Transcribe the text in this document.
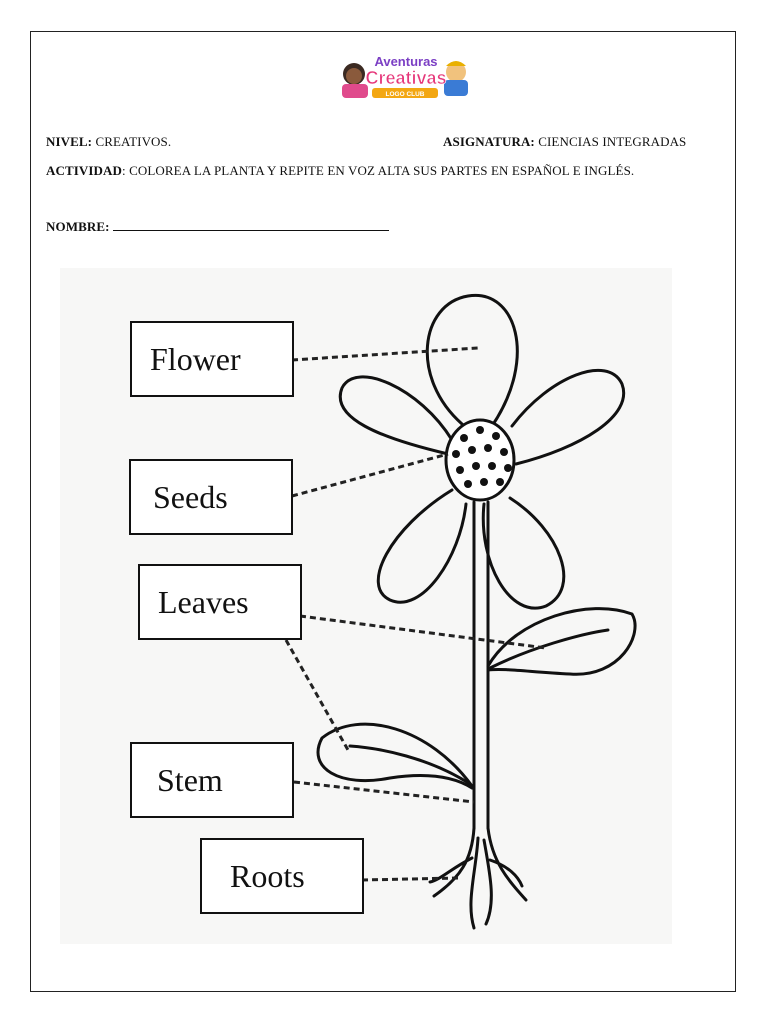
Aventuras
Creativas
LOGO CLUB
NIVEL: CREATIVOS.	ASIGNATURA: CIENCIAS INTEGRADAS
ACTIVIDAD: COLOREA LA PLANTA Y REPITE EN VOZ ALTA SUS PARTES EN ESPAÑOL E INGLÉS.
NOMBRE:
Flower
Seeds
Leaves
Stem
Roots
